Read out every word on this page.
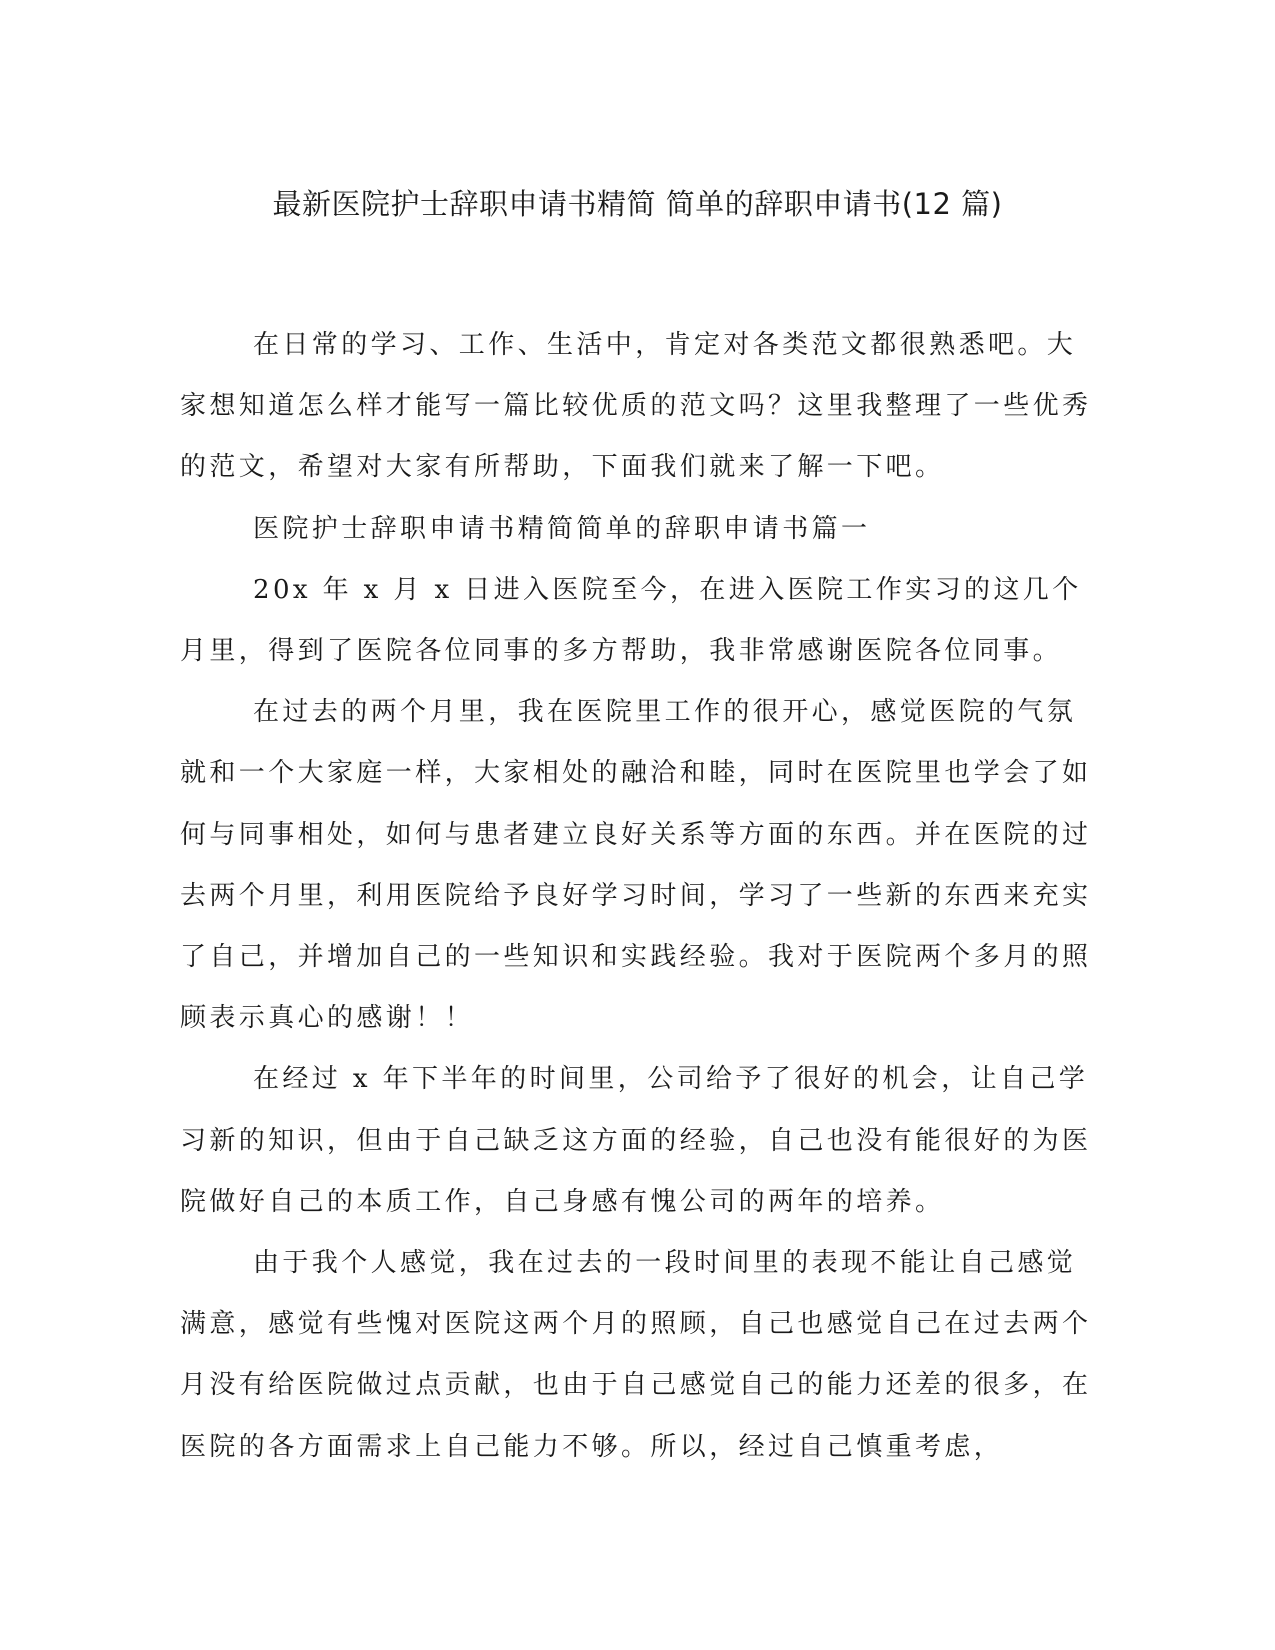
最新医院护士辞职申请书精简 简单的辞职申请书(12 篇)

在日常的学习、工作、生活中，肯定对各类范文都很熟悉吧。大家想知道怎么样才能写一篇比较优质的范文吗？这里我整理了一些优秀的范文，希望对大家有所帮助，下面我们就来了解一下吧。

医院护士辞职申请书精简简单的辞职申请书篇一

20x 年 x 月 x 日进入医院至今，在进入医院工作实习的这几个月里，得到了医院各位同事的多方帮助，我非常感谢医院各位同事。

在过去的两个月里，我在医院里工作的很开心，感觉医院的气氛就和一个大家庭一样，大家相处的融洽和睦，同时在医院里也学会了如何与同事相处，如何与患者建立良好关系等方面的东西。并在医院的过去两个月里，利用医院给予良好学习时间，学习了一些新的东西来充实了自己，并增加自己的一些知识和实践经验。我对于医院两个多月的照顾表示真心的感谢！！

在经过 x 年下半年的时间里，公司给予了很好的机会，让自己学习新的知识，但由于自己缺乏这方面的经验，自己也没有能很好的为医院做好自己的本质工作，自己身感有愧公司的两年的培养。

由于我个人感觉，我在过去的一段时间里的表现不能让自己感觉满意，感觉有些愧对医院这两个月的照顾，自己也感觉自己在过去两个月没有给医院做过点贡献，也由于自己感觉自己的能力还差的很多，在医院的各方面需求上自己能力不够。所以，经过自己慎重考虑，
